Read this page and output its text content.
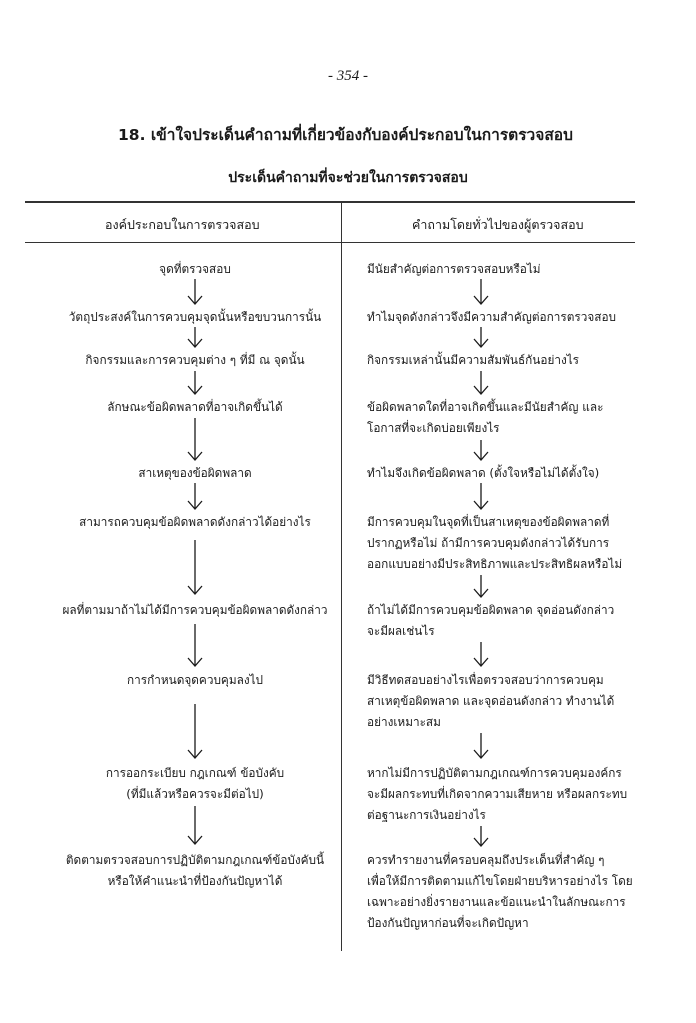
- 354 -
18. เข้าใจประเด็นคำถามที่เกี่ยวข้องกับองค์ประกอบในการตรวจสอบ
ประเด็นคำถามที่จะช่วยในการตรวจสอบ
องค์ประกอบในการตรวจสอบ	คำถามโดยทั่วไปของผู้ตรวจสอบ
จุดที่ตรวจสอบ
วัตถุประสงค์ในการควบคุมจุดนั้นหรือขบวนการนั้น
กิจกรรมและการควบคุมต่าง ๆ ที่มี ณ จุดนั้น
ลักษณะข้อผิดพลาดที่อาจเกิดขึ้นได้
สาเหตุของข้อผิดพลาด
สามารถควบคุมข้อผิดพลาดดังกล่าวได้อย่างไร
ผลที่ตามมาถ้าไม่ได้มีการควบคุมข้อผิดพลาดดังกล่าว
การกำหนดจุดควบคุมลงไป
การออกระเบียบ กฎเกณฑ์ ข้อบังคับ
(ที่มีแล้วหรือควรจะมีต่อไป)
ติดตามตรวจสอบการปฏิบัติตามกฎเกณฑ์ข้อบังคับนี้
หรือให้คำแนะนำที่ป้องกันปัญหาได้
มีนัยสำคัญต่อการตรวจสอบหรือไม่
ทำไมจุดดังกล่าวจึงมีความสำคัญต่อการตรวจสอบ
กิจกรรมเหล่านั้นมีความสัมพันธ์กันอย่างไร
ข้อผิดพลาดใดที่อาจเกิดขึ้นและมีนัยสำคัญ และ
โอกาสที่จะเกิดบ่อยเพียงไร
ทำไมจึงเกิดข้อผิดพลาด (ตั้งใจหรือไม่ได้ตั้งใจ)
มีการควบคุมในจุดที่เป็นสาเหตุของข้อผิดพลาดที่
ปรากฏหรือไม่ ถ้ามีการควบคุมดังกล่าวได้รับการ
ออกแบบอย่างมีประสิทธิภาพและประสิทธิผลหรือไม่
ถ้าไม่ได้มีการควบคุมข้อผิดพลาด จุดอ่อนดังกล่าว
จะมีผลเช่นไร
มีวิธีทดสอบอย่างไรเพื่อตรวจสอบว่าการควบคุม
สาเหตุข้อผิดพลาด และจุดอ่อนดังกล่าว ทำงานได้
อย่างเหมาะสม
หากไม่มีการปฏิบัติตามกฎเกณฑ์การควบคุมองค์กร
จะมีผลกระทบที่เกิดจากความเสียหาย หรือผลกระทบ
ต่อฐานะการเงินอย่างไร
ควรทำรายงานที่ครอบคลุมถึงประเด็นที่สำคัญ ๆ
เพื่อให้มีการติดตามแก้ไขโดยฝ่ายบริหารอย่างไร โดย
เฉพาะอย่างยิ่งรายงานและข้อแนะนำในลักษณะการ
ป้องกันปัญหาก่อนที่จะเกิดปัญหา
